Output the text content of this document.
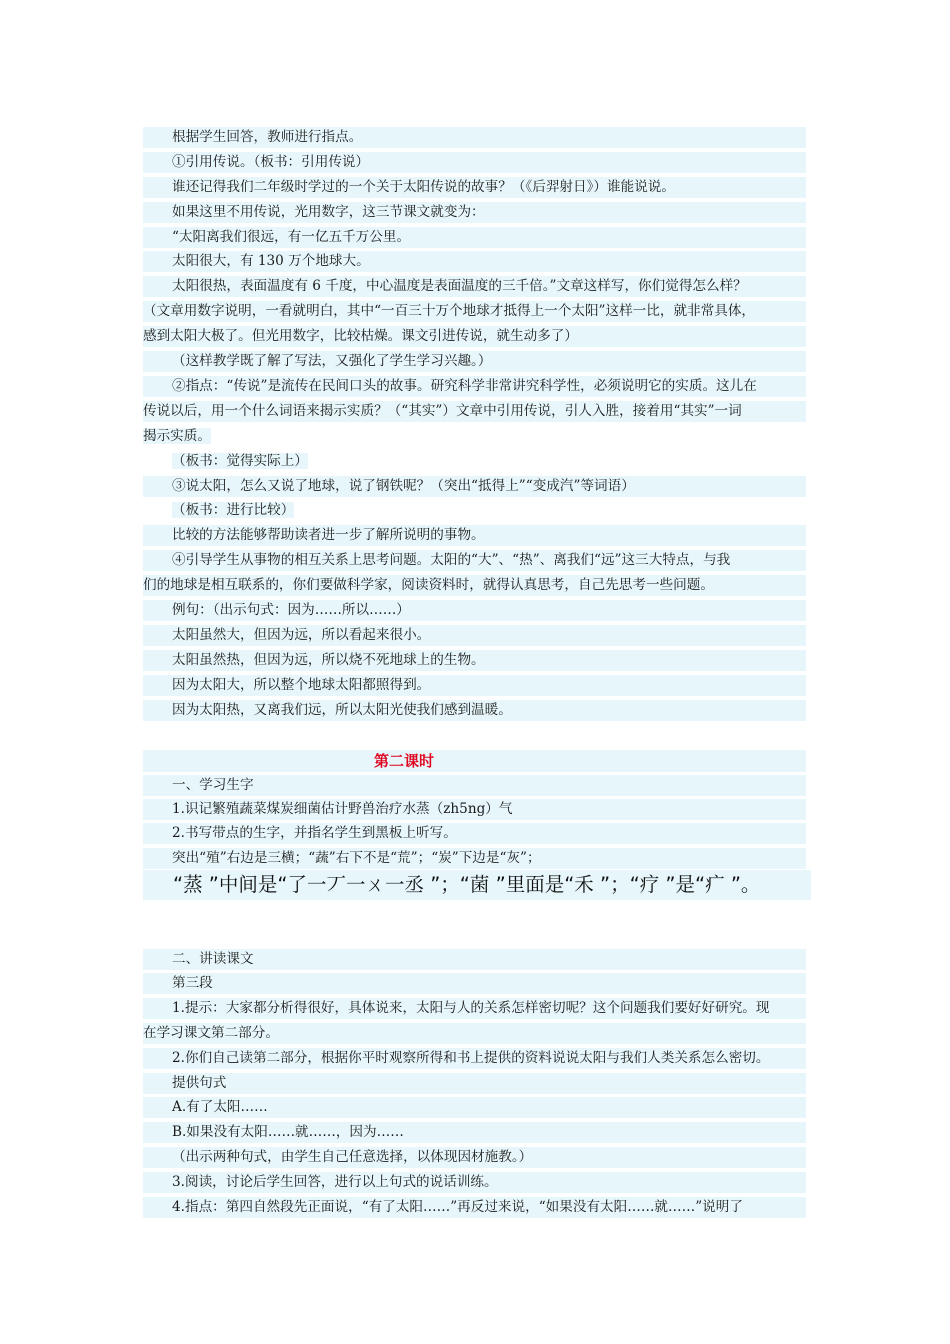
根据学生回答，教师进行指点。
①引用传说。（板书：引用传说）
谁还记得我们二年级时学过的一个关于太阳传说的故事？（《后羿射日》）谁能说说。
如果这里不用传说，光用数字，这三节课文就变为：
“太阳离我们很远，有一亿五千万公里。
太阳很大，有 130 万个地球大。
太阳很热，表面温度有 6 千度，中心温度是表面温度的三千倍。”文章这样写，你们觉得怎么样？
（文章用数字说明，一看就明白，其中“一百三十万个地球才抵得上一个太阳”这样一比，就非常具体，
感到太阳大极了。但光用数字，比较枯燥。课文引进传说，就生动多了）
（这样教学既了解了写法，又强化了学生学习兴趣。）
②指点：“传说”是流传在民间口头的故事。研究科学非常讲究科学性，必须说明它的实质。这儿在
传说以后，用一个什么词语来揭示实质？（“其实”）文章中引用传说，引人入胜，接着用“其实”一词
揭示实质。
（板书：觉得实际上）
③说太阳，怎么又说了地球，说了钢铁呢？（突出“抵得上”“变成汽”等词语）
（板书：进行比较）
比较的方法能够帮助读者进一步了解所说明的事物。
④引导学生从事物的相互关系上思考问题。太阳的“大”、“热”、离我们“远”这三大特点，与我
们的地球是相互联系的，你们要做科学家，阅读资料时，就得认真思考，自己先思考一些问题。
例句：（出示句式：因为……所以……）
太阳虽然大，但因为远，所以看起来很小。
太阳虽然热，但因为远，所以烧不死地球上的生物。
因为太阳大，所以整个地球太阳都照得到。
因为太阳热，又离我们远，所以太阳光使我们感到温暖。
第二课时
一、学习生字
1.识记繁殖蔬菜煤炭细菌估计野兽治疗水蒸（zh5ng）气
2.书写带点的生字，并指名学生到黑板上听写。
突出“殖”右边是三横；“蔬”右下不是“荒”；“炭”下边是“灰”；
“蒸 ”中间是“了一丆一ㄨ一丞 ”；“菌 ”里面是“禾 ”；“疗 ”是“疒 ”。
二、讲读课文
第三段
1.提示：大家都分析得很好，具体说来，太阳与人的关系怎样密切呢？这个问题我们要好好研究。现
在学习课文第二部分。
2.你们自己读第二部分，根据你平时观察所得和书上提供的资料说说太阳与我们人类关系怎么密切。
提供句式
A.有了太阳……
B.如果没有太阳……就……，因为……
（出示两种句式，由学生自己任意选择，以体现因材施教。）
3.阅读，讨论后学生回答，进行以上句式的说话训练。
4.指点：第四自然段先正面说，“有了太阳……”再反过来说，“如果没有太阳……就……”说明了
